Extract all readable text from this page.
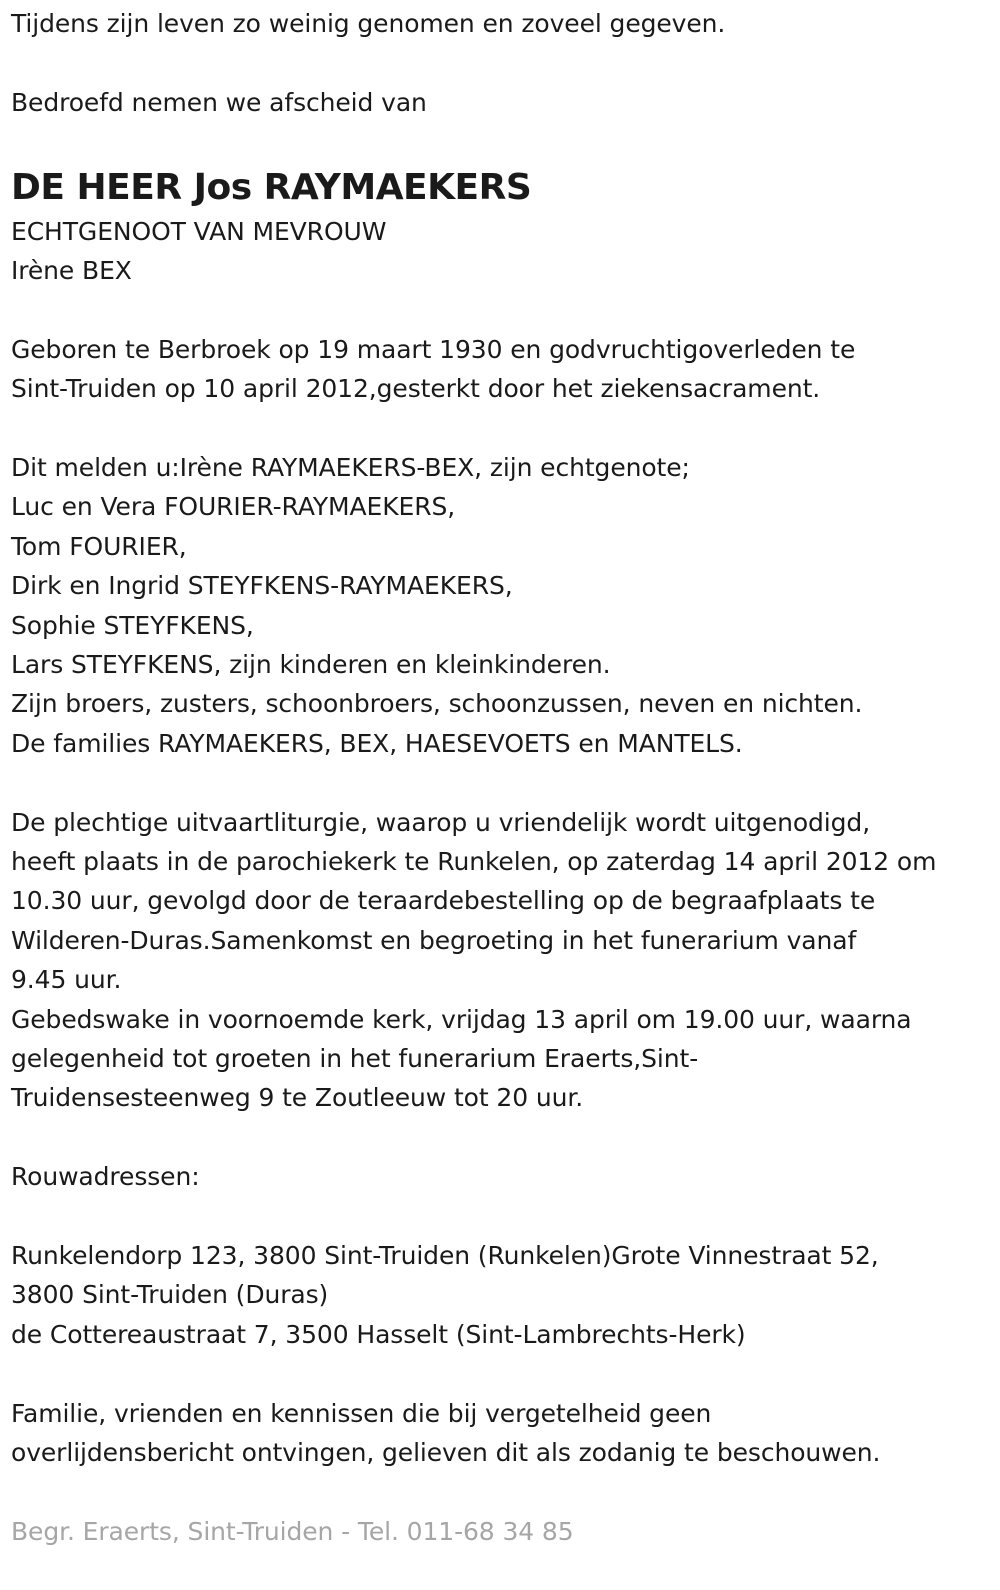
Tijdens zijn leven zo weinig genomen en zoveel gegeven.
Bedroefd nemen we afscheid van
DE HEER Jos RAYMAEKERS
ECHTGENOOT VAN MEVROUW
Irène BEX
Geboren te Berbroek op 19 maart 1930 en godvruchtigoverleden te
Sint-Truiden op 10 april 2012,gesterkt door het ziekensacrament.
Dit melden u:Irène RAYMAEKERS-BEX, zijn echtgenote;
Luc en Vera FOURIER-RAYMAEKERS,
Tom FOURIER,
Dirk en Ingrid STEYFKENS-RAYMAEKERS,
Sophie STEYFKENS,
Lars STEYFKENS, zijn kinderen en kleinkinderen.
Zijn broers, zusters, schoonbroers, schoonzussen, neven en nichten.
De families RAYMAEKERS, BEX, HAESEVOETS en MANTELS.
De plechtige uitvaartliturgie, waarop u vriendelijk wordt uitgenodigd,
heeft plaats in de parochiekerk te Runkelen, op zaterdag 14 april 2012 om
10.30 uur, gevolgd door de teraardebestelling op de begraafplaats te
Wilderen-Duras.Samenkomst en begroeting in het funerarium vanaf
9.45 uur.
Gebedswake in voornoemde kerk, vrijdag 13 april om 19.00 uur, waarna
gelegenheid tot groeten in het funerarium Eraerts,Sint-
Truidensesteenweg 9 te Zoutleeuw tot 20 uur.
Rouwadressen:
Runkelendorp 123, 3800 Sint-Truiden (Runkelen)Grote Vinnestraat 52,
3800 Sint-Truiden (Duras)
de Cottereaustraat 7, 3500 Hasselt (Sint-Lambrechts-Herk)
Familie, vrienden en kennissen die bij vergetelheid geen
overlijdensbericht ontvingen, gelieven dit als zodanig te beschouwen.
Begr. Eraerts, Sint-Truiden - Tel. 011-68 34 85
